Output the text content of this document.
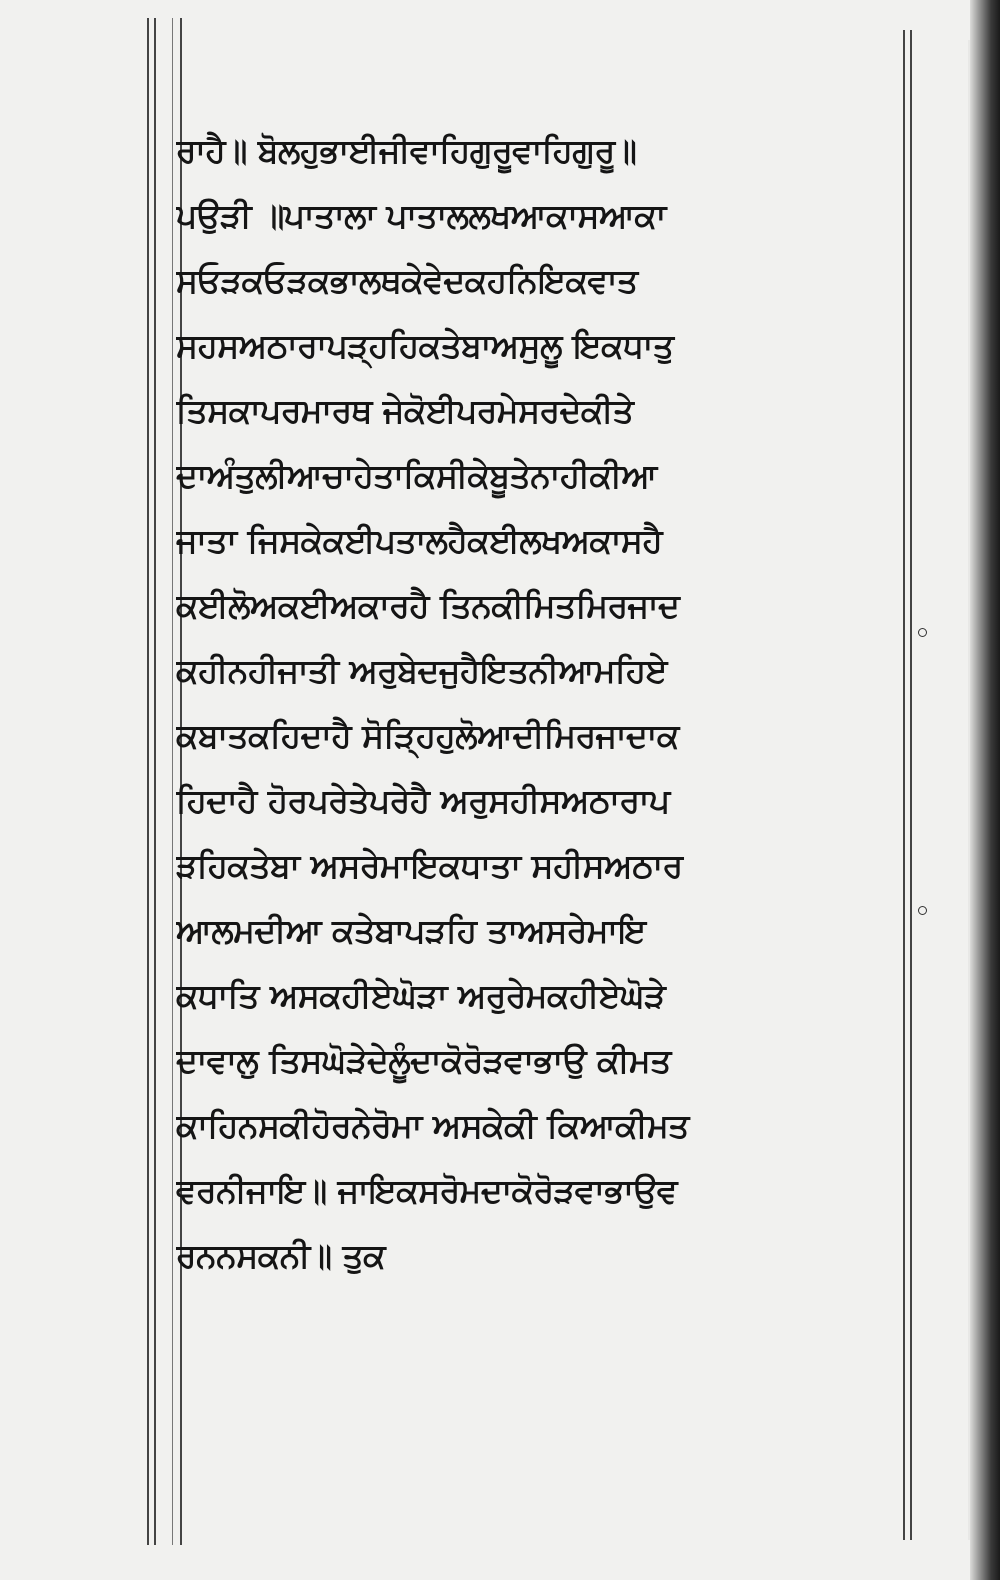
ਰਾਹੈ॥ ਬੋਲਹੁਭਾਈਜੀਵਾਹਿਗੁਰੂਵਾਹਿਗੁਰੂ॥
ਪਉੜੀ ॥ਪਾਤਾਲਾ ਪਾਤਾਲਲਖਆਕਾਸਆਕਾ
ਸਓੜਕਓੜਕਭਾਲਥਕੇਵੇਦਕਹਨਿਇਕਵਾਤ
ਸਹਸਅਠਾਰਾਪੜ੍ਹਹਿਕਤੇਬਾਅਸੁਲੂ ਇਕਧਾਤੁ
ਤਿਸਕਾਪਰਮਾਰਥ ਜੇਕੋਈਪਰਮੇਸਰਦੇਕੀਤੇ
ਦਾਅੰਤੁਲੀਆਚਾਹੇਤਾਕਿਸੀਕੇਬੂਤੇਨਾਹੀਕੀਆ
ਜਾਤਾ ਜਿਸਕੇਕਈਪਤਾਲਹੈਕਈਲਖਅਕਾਸਹੈ
ਕਈਲੋਅਕਈਅਕਾਰਹੈ ਤਿਨਕੀਮਿਤਮਿਰਜਾਦ
ਕਹੀਨਹੀਜਾਤੀ ਅਰੁਬੇਦਜੁਹੈਇਤਨੀਆਮਹਿਏ
ਕਬਾਤਕਹਿਦਾਹੈ ਸੋੜ੍ਹਿਹੁਲੋਆਦੀਮਿਰਜਾਦਾਕ
ਹਿਦਾਹੈ ਹੋਰਪਰੇਤੇਪਰੇਹੈ ਅਰੁਸਹੀਸਅਠਾਰਾਪ
ੜਹਿਕਤੇਬਾ ਅਸਰੇਮਾਇਕਧਾਤਾ ਸਹੀਸਅਠਾਰ
ਆਲਮਦੀਆ ਕਤੇਬਾਪੜਹਿ ਤਾਅਸਰੇਮਾਇ
ਕਧਾਤਿ ਅਸਕਹੀਏਘੋੜਾ ਅਰੁਰੇਮਕਹੀਏਘੋੜੇ
ਦਾਵਾਲੁ ਤਿਸਘੋੜੇਦੇਲੂੰਦਾਕੋਰੋੜਵਾਭਾਉ ਕੀਮਤ
ਕਾਹਿਨਸਕੀਹੋਰਨੇਰੋਮਾ ਅਸਕੇਕੀ ਕਿਆਕੀਮਤ
ਵਰਨੀਜਾਇ॥ ਜਾਇਕਸਰੋਮਦਾਕੋਰੋੜਵਾਭਾਉਵ
ਰਨਨਸਕਨੀ॥ ਤੁਕ
